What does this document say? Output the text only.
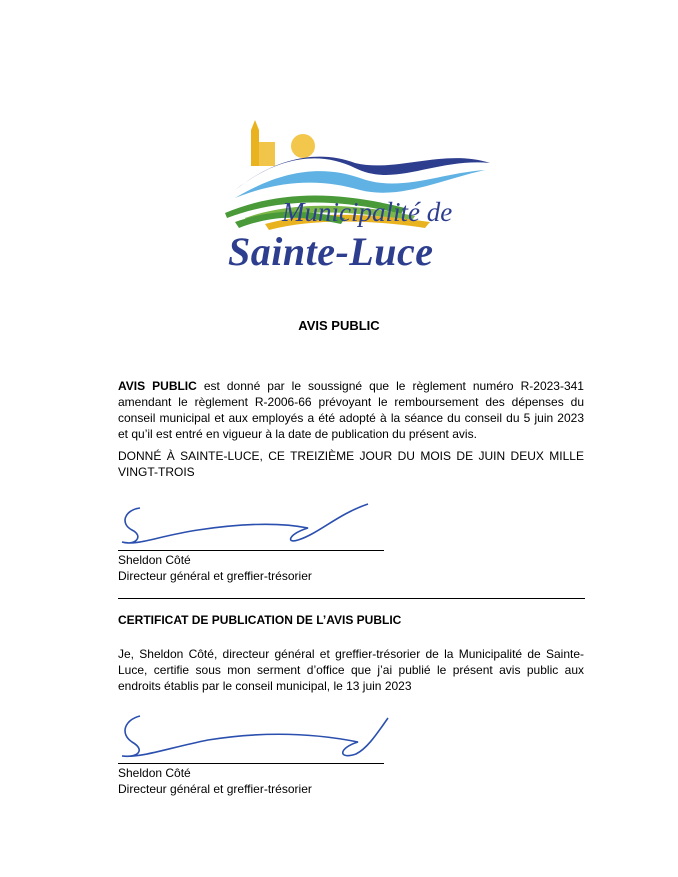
Municipalité de
Sainte-Luce
AVIS PUBLIC
AVIS PUBLIC est donné par le soussigné que le règlement numéro R-2023-341 amendant le règlement R-2006-66 prévoyant le remboursement des dépenses du conseil municipal et aux employés a été adopté à la séance du conseil du 5 juin 2023 et qu’il est entré en vigueur à la date de publication du présent avis.
DONNÉ À SAINTE-LUCE, CE TREIZIÈME JOUR DU MOIS DE JUIN DEUX MILLE VINGT-TROIS
Sheldon Côté
Directeur général et greffier-trésorier
CERTIFICAT DE PUBLICATION DE L’AVIS PUBLIC
Je, Sheldon Côté, directeur général et greffier-trésorier de la Municipalité de Sainte-Luce, certifie sous mon serment d’office que j’ai publié le présent avis public aux endroits établis par le conseil municipal, le 13 juin 2023
Sheldon Côté
Directeur général et greffier-trésorier
